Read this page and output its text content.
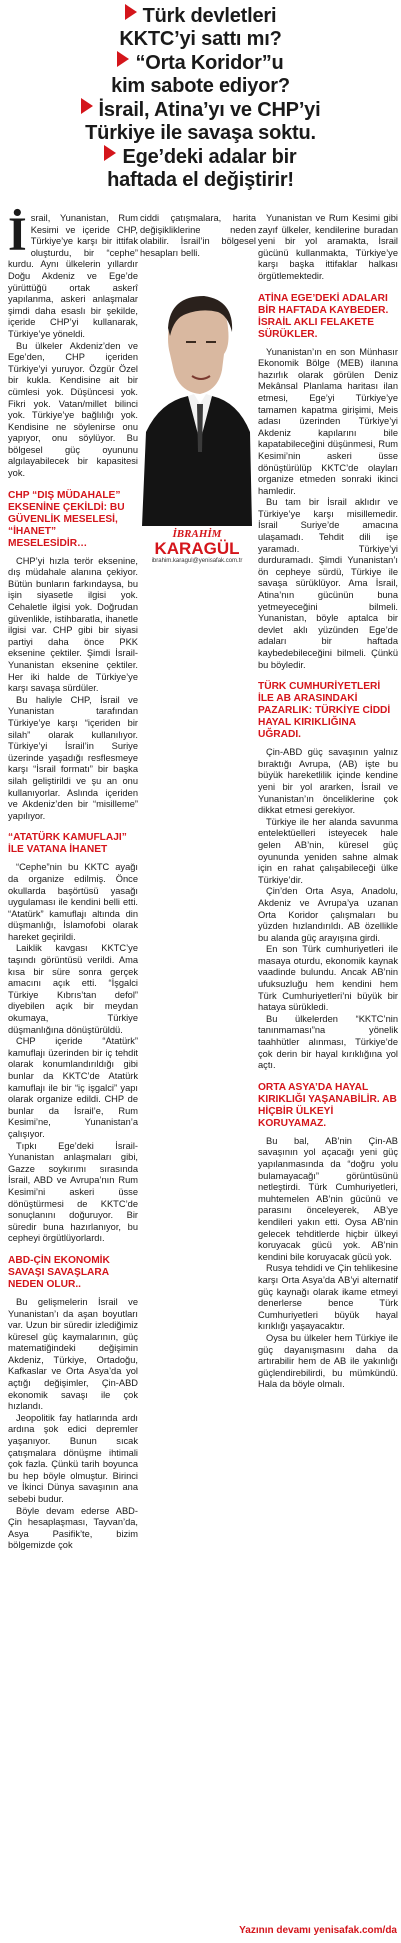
Türk devletleri
KKTC’yi sattı mı?
“Orta Koridor”u
kim sabote ediyor?
İsrail, Atina’yı ve CHP’yi
Türkiye ile savaşa soktu.
Ege’deki adalar bir
haftada el değiştirir!

İsrail, Yunanistan, Rum Kesimi ve içeride CHP, Türkiye’ye karşı bir ittifak oluşturdu, bir “cephe” kurdu. Aynı ülkelerin yıllardır Doğu Akdeniz ve Ege’de yürüttüğü ortak askerî yapılanma, askeri anlaşmalar şimdi daha esaslı bir şekilde, içeride CHP’yi kullanarak, Türkiye’ye yöneldi.

Bu ülkeler Akdeniz’den ve Ege’den, CHP içeriden Türkiye’yi yuruyor. Özgür Özel bir kukla. Kendisine ait bir cümlesi yok. Düşüncesi yok. Fikri yok. Vatan/millet bilinci yok. Türkiye’ye bağlılığı yok. Kendisine ne söylenirse onu yapıyor, onu söylüyor. Bu bölgesel güç oyununu algılayabilecek bir kapasitesi yok.

CHP “DIŞ MÜDAHALE” EKSENİNE ÇEKİLDİ: BU GÜVENLİK MESELESİ, “İHANET” MESELESİDİR…

CHP’yi hızla terör eksenine, dış müdahale alanına çekiyor. Bütün bunların farkındaysa, bu işin siyasetle ilgisi yok. Cehaletle ilgisi yok. Doğrudan güvenlikle, istihbaratla, ihanetle ilgisi var. CHP gibi bir siyasi partiyi daha önce PKK eksenine çektiler. Şimdi İsrail-Yunanistan eksenine çektiler. Her iki halde de Türkiye’ye karşı savaşa sürdüler.

Bu haliyle CHP, İsrail ve Yunanistan tarafından Türkiye’ye karşı “içeriden bir silah” olarak kullanılıyor. Türkiye’yi İsrail’in Suriye üzerinde yaşadığı resflesmeye karşı “İsrail formatı” bir başka silah geliştirildi ve şu an onu kullanıyorlar. Aslında içeriden ve Akdeniz’den bir “misilleme” yapılıyor.

“ATATÜRK KAMUFLAJI” İLE VATANA İHANET

“Cephe”nin bu KKTC ayağı da organize edilmiş. Önce okullarda başörtüsü yasağı uygulaması ile kendini belli etti. “Atatürk” kamuflajı altında din düşmanlığı, İslamofobi olarak hareket geçirildi.

Laiklik kavgası KKTC’ye taşındı görüntüsü verildi. Ama kısa bir süre sonra gerçek amacını açık etti. “İşgalci Türkiye Kıbrıs’tan defol” diyebilen açık bir meydan okumaya, Türkiye düşmanlığına dönüştürüldü.

CHP içeride “Atatürk” kamuflajı üzerinden bir iç tehdit olarak konumlandırıldığı gibi bunlar da KKTC’de Atatürk kamuflajı ile bir “iç işgalci” yapı olarak organize edildi. CHP de bunlar da İsrail’e, Rum Kesimi’ne, Yunanistan’a çalışıyor.

Tıpkı Ege’deki İsrail-Yunanistan anlaşmaları gibi, Gazze soykırımı sırasında İsrail, ABD ve Avrupa’nın Rum Kesimi’ni askeri üsse dönüştürmesi de KKTC’de sonuçlanını doğuruyor. Bir süredir buna hazırlanıyor, bu cepheyi örgütlüyorlardı.

ABD-ÇİN EKONOMİK SAVAŞI SAVAŞLARA NEDEN OLUR..

Bu gelişmelerin İsrail ve Yunanistan’ı da aşan boyutları var. Uzun bir süredir izlediğimiz küresel güç kaymalarının, güç matematiğindeki değişimin Akdeniz, Türkiye, Ortadoğu, Kafkaslar ve Orta Asya’da yol açtığı değişimler, Çin-ABD ekonomik savaşı ile çok hızlandı.

Jeopolitik fay hatlarında ardı ardına şok edici depremler yaşanıyor. Bunun sıcak çatışmalara dönüşme ihtimali çok fazla. Çünkü tarih boyunca bu hep böyle olmuştur. Birinci ve İkinci Dünya savaşının ana sebebi budur.

Böyle devam ederse ABD-Çin hesaplaşması, Tayvan’da, Asya Pasifik’te, bizim bölgemizde çok

ciddi çatışmalara, harita değişikliklerine neden olabilir. İsrail’in bölgesel hesapları belli.

İBRAHİM
KARAGÜL
ibrahim.karagul@yenisafak.com.tr

Yunanistan ve Rum Kesimi gibi zayıf ülkeler, kendilerine buradan yeni bir yol aramakta, İsrail gücünü kullanmakta, Türkiye’ye karşı başka ittifaklar halkası örgütlemektedir.

ATİNA EGE’DEKİ ADALARI BİR HAFTADA KAYBEDER. İSRAİL AKLI FELAKETE SÜRÜKLER.

Yunanistan’ın en son Münhasır Ekonomik Bölge (MEB) ilanına hazırlık olarak görülen Deniz Mekânsal Planlama haritası ilan etmesi, Ege’yi Türkiye’ye tamamen kapatma girişimi, Meis adası üzerinden Türkiye’yi Akdeniz kapılarını bile kapatabileceğini düşünmesi, Rum Kesimi’nin askeri üsse dönüştürülüp KKTC’de olayları organize etmeden sonraki ikinci hamledir.

Bu tam bir İsrail aklıdır ve Türkiye’ye karşı misillemedir. İsrail Suriye’de amacına ulaşamadı. Tehdit dili işe yaramadı. Türkiye’yi durduramadı. Şimdi Yunanistan’ı ön cepheye sürdü, Türkiye ile savaşa sürüklüyor. Ama İsrail, Atina’nın gücünün buna yetmeyeceğini bilmeli. Yunanistan, böyle aptalca bir devlet aklı yüzünden Ege’de adaları bir haftada kaybedebileceğini bilmeli. Çünkü bu böyledir.

TÜRK CUMHURİYETLERİ İLE AB ARASINDAKİ PAZARLIK: TÜRKİYE CİDDİ HAYAL KIRIKLIĞINA UĞRADI.

Çin-ABD güç savaşının yalnız bıraktığı Avrupa, (AB) işte bu büyük hareketlilik içinde kendine yeni bir yol ararken, İsrail ve Yunanistan’ın önceliklerine çok dikkat etmesi gerekiyor.

Türkiye ile her alanda savunma entelektüelleri isteyecek hale gelen AB’nin, küresel güç oyununda yeniden sahne almak için en rahat çalışabileceği ülke Türkiye’dir.

Çin’den Orta Asya, Anadolu, Akdeniz ve Avrupa’ya uzanan Orta Koridor çalışmaları bu yüzden hızlandırıldı. AB özellikle bu alanda güç arayışına girdi.

En son Türk cumhuriyetleri ile masaya oturdu, ekonomik kaynak vaadinde bulundu. Ancak AB’nin ufuksuzluğu hem kendini hem Türk Cumhuriyetleri’ni büyük bir hataya sürükledi.

Bu ülkelerden “KKTC’nin tanınmaması”na yönelik taahhütler alınması, Türkiye’de çok derin bir hayal kırıklığına yol açtı.

ORTA ASYA’DA HAYAL KIRIKLIĞI YAŞANABİLİR. AB HİÇBİR ÜLKEYİ KORUYAMAZ.

Bu bal, AB’nin Çin-AB savaşının yol açacağı yeni güç yapılanmasında da “doğru yolu bulamayacağı” görüntüsünü netleştirdi. Türk Cumhuriyetleri, muhtemelen AB’nin gücünü ve parasını önceleyerek, AB’ye kendileri yakın etti. Oysa AB’nin gelecek tehditlerde hiçbir ülkeyi koruyacak gücü yok. AB’nin kendini bile koruyacak gücü yok.

Rusya tehdidi ve Çin tehlikesine karşı Orta Asya’da AB’yi alternatif güç kaynağı olarak ikame etmeyi denerlerse bence Türk Cumhuriyetleri büyük hayal kırıklığı yaşayacaktır.

Oysa bu ülkeler hem Türkiye ile güç dayanışmasını daha da artırabilir hem de AB ile yakınlığı güçlendirebilirdi, bu mümkündü. Hala da böyle olmalı.

Yazının devamı yenisafak.com/da
